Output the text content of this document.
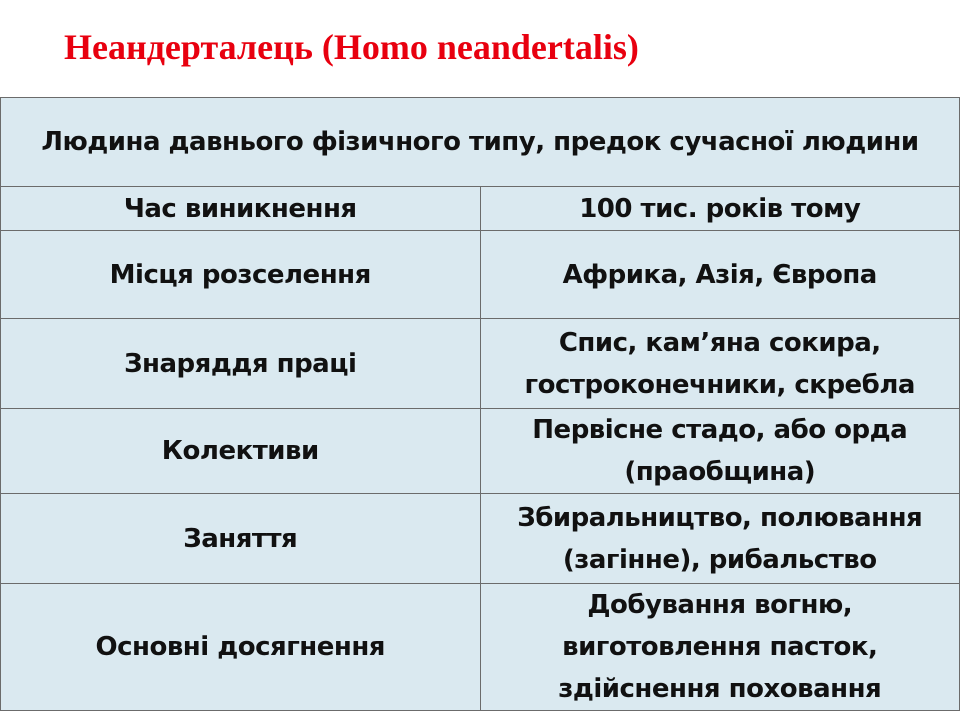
Неандерталець (Homo neandertalis)
Людина давнього фізичного типу, предок сучасної людини	
Час виникнення	100 тис. років тому
Місця розселення	Африка, Азія, Європа
Знаряддя праці	Спис, кам’яна сокира, гостроконечники, скребла
Колективи	Первісне стадо, або орда (праобщина)
Заняття	Збиральництво, полювання (загінне), рибальство
Основні досягнення	Добування вогню, виготовлення пасток, здійснення поховання
